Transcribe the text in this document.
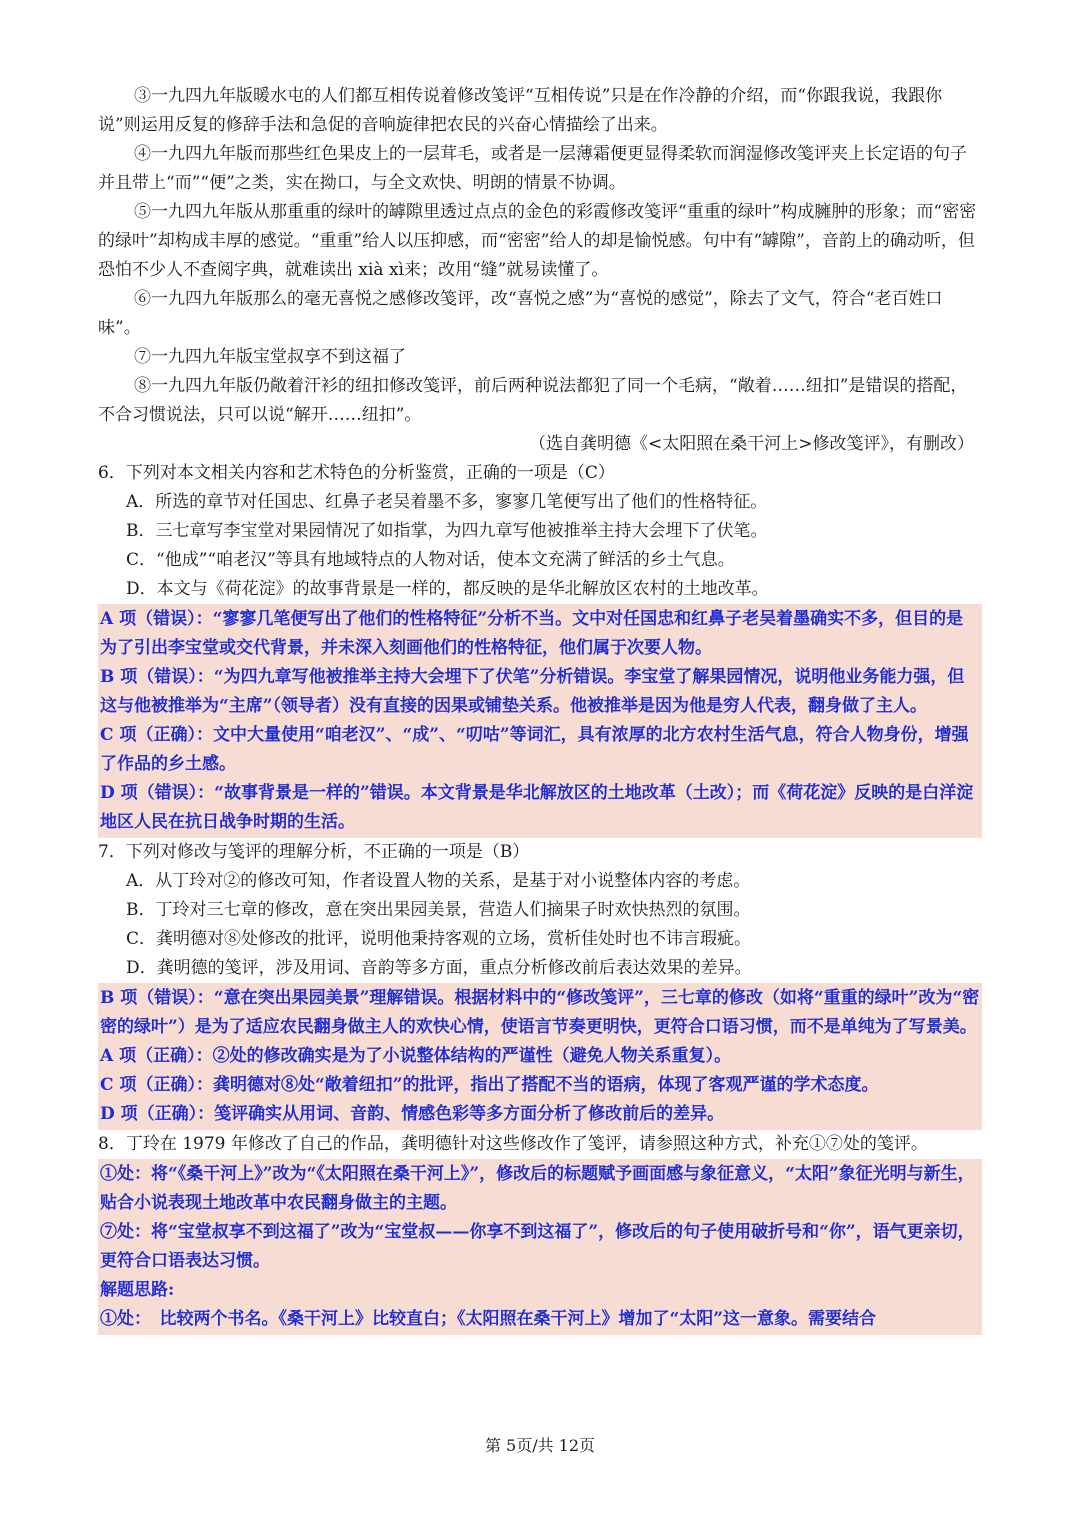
③一九四九年版暖水屯的人们都互相传说着修改笺评“互相传说”只是在作冷静的介绍，而“你跟我说，我跟你说”则运用反复的修辞手法和急促的音响旋律把农民的兴奋心情描绘了出来。

④一九四九年版而那些红色果皮上的一层茸毛，或者是一层薄霜便更显得柔软而润湿修改笺评夹上长定语的句子并且带上“而”“便”之类，实在拗口，与全文欢快、明朗的情景不协调。

⑤一九四九年版从那重重的绿叶的罅隙里透过点点的金色的彩霞修改笺评“重重的绿叶”构成臃肿的形象；而“密密的绿叶”却构成丰厚的感觉。“重重”给人以压抑感，而“密密”给人的却是愉悦感。句中有“罅隙”，音韵上的确动听，但恐怕不少人不查阅字典，就难读出 xià xì来；改用“缝”就易读懂了。

⑥一九四九年版那么的毫无喜悦之感修改笺评，改“喜悦之感”为“喜悦的感觉”，除去了文气，符合“老百姓口味”。

⑦一九四九年版宝堂叔享不到这福了

⑧一九四九年版仍敞着汗衫的纽扣修改笺评，前后两种说法都犯了同一个毛病，“敞着……纽扣”是错误的搭配，不合习惯说法，只可以说“解开……纽扣”。

（选自龚明德《<太阳照在桑干河上>修改笺评》，有删改）

6．下列对本文相关内容和艺术特色的分析鉴赏，正确的一项是（C）

A．所选的章节对任国忠、红鼻子老吴着墨不多，寥寥几笔便写出了他们的性格特征。

B．三七章写李宝堂对果园情况了如指掌，为四九章写他被推举主持大会埋下了伏笔。

C．“他成”“咱老汉”等具有地域特点的人物对话，使本文充满了鲜活的乡土气息。

D．本文与《荷花淀》的故事背景是一样的，都反映的是华北解放区农村的土地改革。

A 项（错误）：“寥寥几笔便写出了他们的性格特征”分析不当。文中对任国忠和红鼻子老吴着墨确实不多，但目的是为了引出李宝堂或交代背景，并未深入刻画他们的性格特征，他们属于次要人物。

B 项（错误）：“为四九章写他被推举主持大会埋下了伏笔”分析错误。李宝堂了解果园情况，说明他业务能力强，但这与他被推举为“主席”（领导者）没有直接的因果或铺垫关系。他被推举是因为他是穷人代表，翻身做了主人。

C 项（正确）：文中大量使用“咱老汉”、“成”、“叨咕”等词汇，具有浓厚的北方农村生活气息，符合人物身份，增强了作品的乡土感。

D 项（错误）：“故事背景是一样的”错误。本文背景是华北解放区的土地改革（土改）；而《荷花淀》反映的是白洋淀地区人民在抗日战争时期的生活。

7．下列对修改与笺评的理解分析，不正确的一项是（B）

A．从丁玲对②的修改可知，作者设置人物的关系，是基于对小说整体内容的考虑。

B．丁玲对三七章的修改，意在突出果园美景，营造人们摘果子时欢快热烈的氛围。

C．龚明德对⑧处修改的批评，说明他秉持客观的立场，赏析佳处时也不讳言瑕疵。

D．龚明德的笺评，涉及用词、音韵等多方面，重点分析修改前后表达效果的差异。

B 项（错误）：“意在突出果园美景”理解错误。根据材料中的“修改笺评”，三七章的修改（如将“重重的绿叶”改为“密密的绿叶”）是为了适应农民翻身做主人的欢快心情，使语言节奏更明快，更符合口语习惯，而不是单纯为了写景美。

A 项（正确）：②处的修改确实是为了小说整体结构的严谨性（避免人物关系重复）。

C 项（正确）：龚明德对⑧处“敞着纽扣”的批评，指出了搭配不当的语病，体现了客观严谨的学术态度。

D 项（正确）：笺评确实从用词、音韵、情感色彩等多方面分析了修改前后的差异。

8．丁玲在 1979 年修改了自己的作品，龚明德针对这些修改作了笺评，请参照这种方式，补充①⑦处的笺评。

①处：将“《桑干河上》”改为“《太阳照在桑干河上》”，修改后的标题赋予画面感与象征意义，“太阳”象征光明与新生，贴合小说表现土地改革中农民翻身做主的主题。

⑦处：将“宝堂叔享不到这福了”改为“宝堂叔——你享不到这福了”，修改后的句子使用破折号和“你”，语气更亲切，更符合口语表达习惯。

解题思路:

①处：　比较两个书名。《桑干河上》比较直白；《太阳照在桑干河上》增加了“太阳”这一意象。需要结合

第 5页/共 12页
